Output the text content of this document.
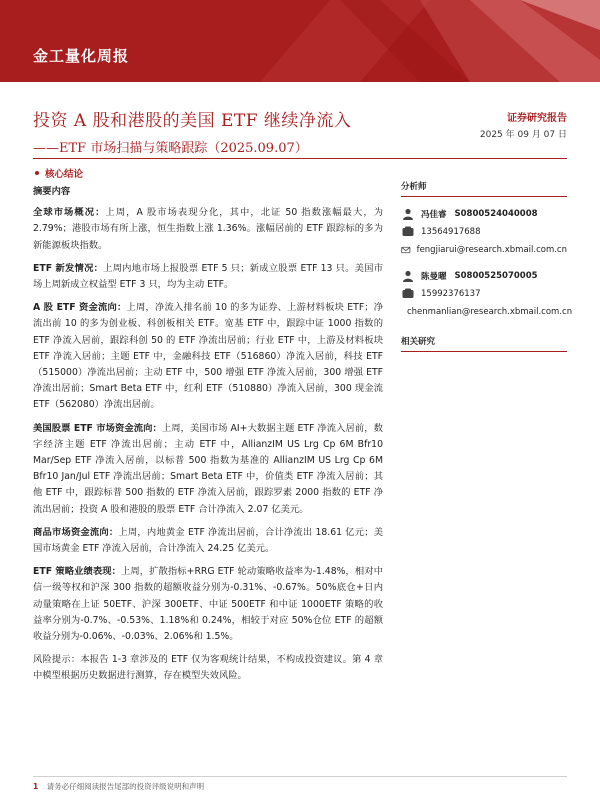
金工量化周报
投资 A 股和港股的美国 ETF 继续净流入
——ETF 市场扫描与策略跟踪（2025.09.07）
证券研究报告
2025 年 09 月 07 日
核心结论
摘要内容

全球市场概况：上周，A 股市场表现分化，其中，北证 50 指数涨幅最大，为 2.79%；港股市场有所上涨，恒生指数上涨 1.36%。涨幅居前的 ETF 跟踪标的多为新能源板块指数。

ETF 新发情况：上周内地市场上报股票 ETF 5 只；新成立股票 ETF 13 只。美国市场上周新成立权益型 ETF 3 只，均为主动 ETF。

A 股 ETF 资金流向：上周，净流入排名前 10 的多为证券、上游材料板块 ETF；净流出前 10 的多为创业板、科创板相关 ETF。宽基 ETF 中，跟踪中证 1000 指数的 ETF 净流入居前，跟踪科创 50 的 ETF 净流出居前；行业 ETF 中，上游及材料板块 ETF 净流入居前；主题 ETF 中，金融科技 ETF（516860）净流入居前，科技 ETF（515000）净流出居前；主动 ETF 中，500 增强 ETF 净流入居前，300 增强 ETF 净流出居前；Smart Beta ETF 中，红利 ETF（510880）净流入居前，300 现金流 ETF（562080）净流出居前。

美国股票 ETF 市场资金流向：上周，美国市场 AI+大数据主题 ETF 净流入居前，数字经济主题 ETF 净流出居前；主动 ETF 中，AllianzIM US Lrg Cp 6M Bfr10 Mar/Sep ETF 净流入居前，以标普 500 指数为基准的 AllianzIM US Lrg Cp 6M Bfr10 Jan/Jul ETF 净流出居前；Smart Beta ETF 中，价值类 ETF 净流入居前；其他 ETF 中，跟踪标普 500 指数的 ETF 净流入居前，跟踪罗素 2000 指数的 ETF 净流出居前；投资 A 股和港股的股票 ETF 合计净流入 2.07 亿美元。

商品市场资金流向：上周，内地黄金 ETF 净流出居前，合计净流出 18.61 亿元；美国市场黄金 ETF 净流入居前，合计净流入 24.25 亿美元。

ETF 策略业绩表现：上周，扩散指标+RRG ETF 轮动策略收益率为-1.48%，相对中信一级等权和沪深 300 指数的超额收益分别为-0.31%、-0.67%。50%底仓+日内动量策略在上证 50ETF、沪深 300ETF、中证 500ETF 和中证 1000ETF 策略的收益率分别为-0.7%、-0.53%、1.18%和 0.24%，相较于对应 50%仓位 ETF 的超额收益分别为-0.06%、-0.03%、2.06%和 1.5%。

风险提示：本报告 1-3 章涉及的 ETF 仅为客观统计结果，不构成投资建议。第 4 章中模型根据历史数据进行测算，存在模型失效风险。

分析师
冯佳睿 S0800524040008
13564917688
fengjiarui@research.xbmail.com.cn
陈曼曜 S0800525070005
15992376137
chenmanlian@research.xbmail.com.cn
相关研究
1 请务必仔细阅读报告尾部的投资评级说明和声明
